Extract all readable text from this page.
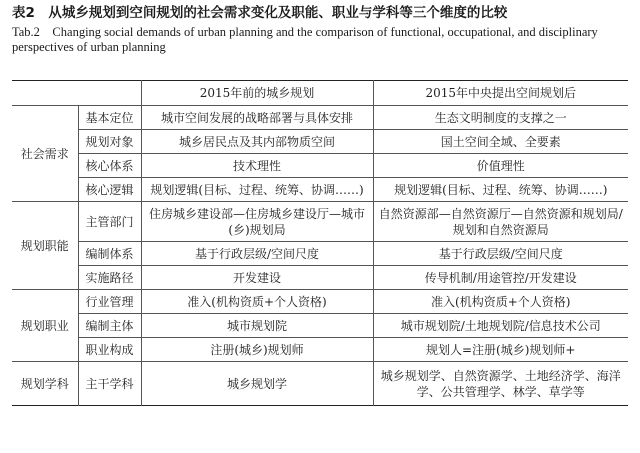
表2　从城乡规划到空间规划的社会需求变化及职能、职业与学科等三个维度的比较
Tab.2　Changing social demands of urban planning and the comparison of functional, occupational, and disciplinary perspectives of urban planning
		2015年前的城乡规划	2015年中央提出空间规划后
社会需求	基本定位	城市空间发展的战略部署与具体安排	生态文明制度的支撑之一
	规划对象	城乡居民点及其内部物质空间	国土空间全域、全要素
	核心体系	技术理性	价值理性
	核心逻辑	规划逻辑(目标、过程、统筹、协调……)	规划逻辑(目标、过程、统筹、协调……)
规划职能	主管部门	住房城乡建设部—住房城乡建设厅—城市(乡)规划局	自然资源部—自然资源厅—自然资源和规划局/规划和自然资源局
	编制体系	基于行政层级/空间尺度	基于行政层级/空间尺度
	实施路径	开发建设	传导机制/用途管控/开发建设
规划职业	行业管理	准入(机构资质+个人资格)	准入(机构资质+个人资格)
	编制主体	城市规划院	城市规划院/土地规划院/信息技术公司
	职业构成	注册(城乡)规划师	规划人=注册(城乡)规划师+
规划学科	主干学科	城乡规划学	城乡规划学、自然资源学、土地经济学、海洋学、公共管理学、林学、草学等
